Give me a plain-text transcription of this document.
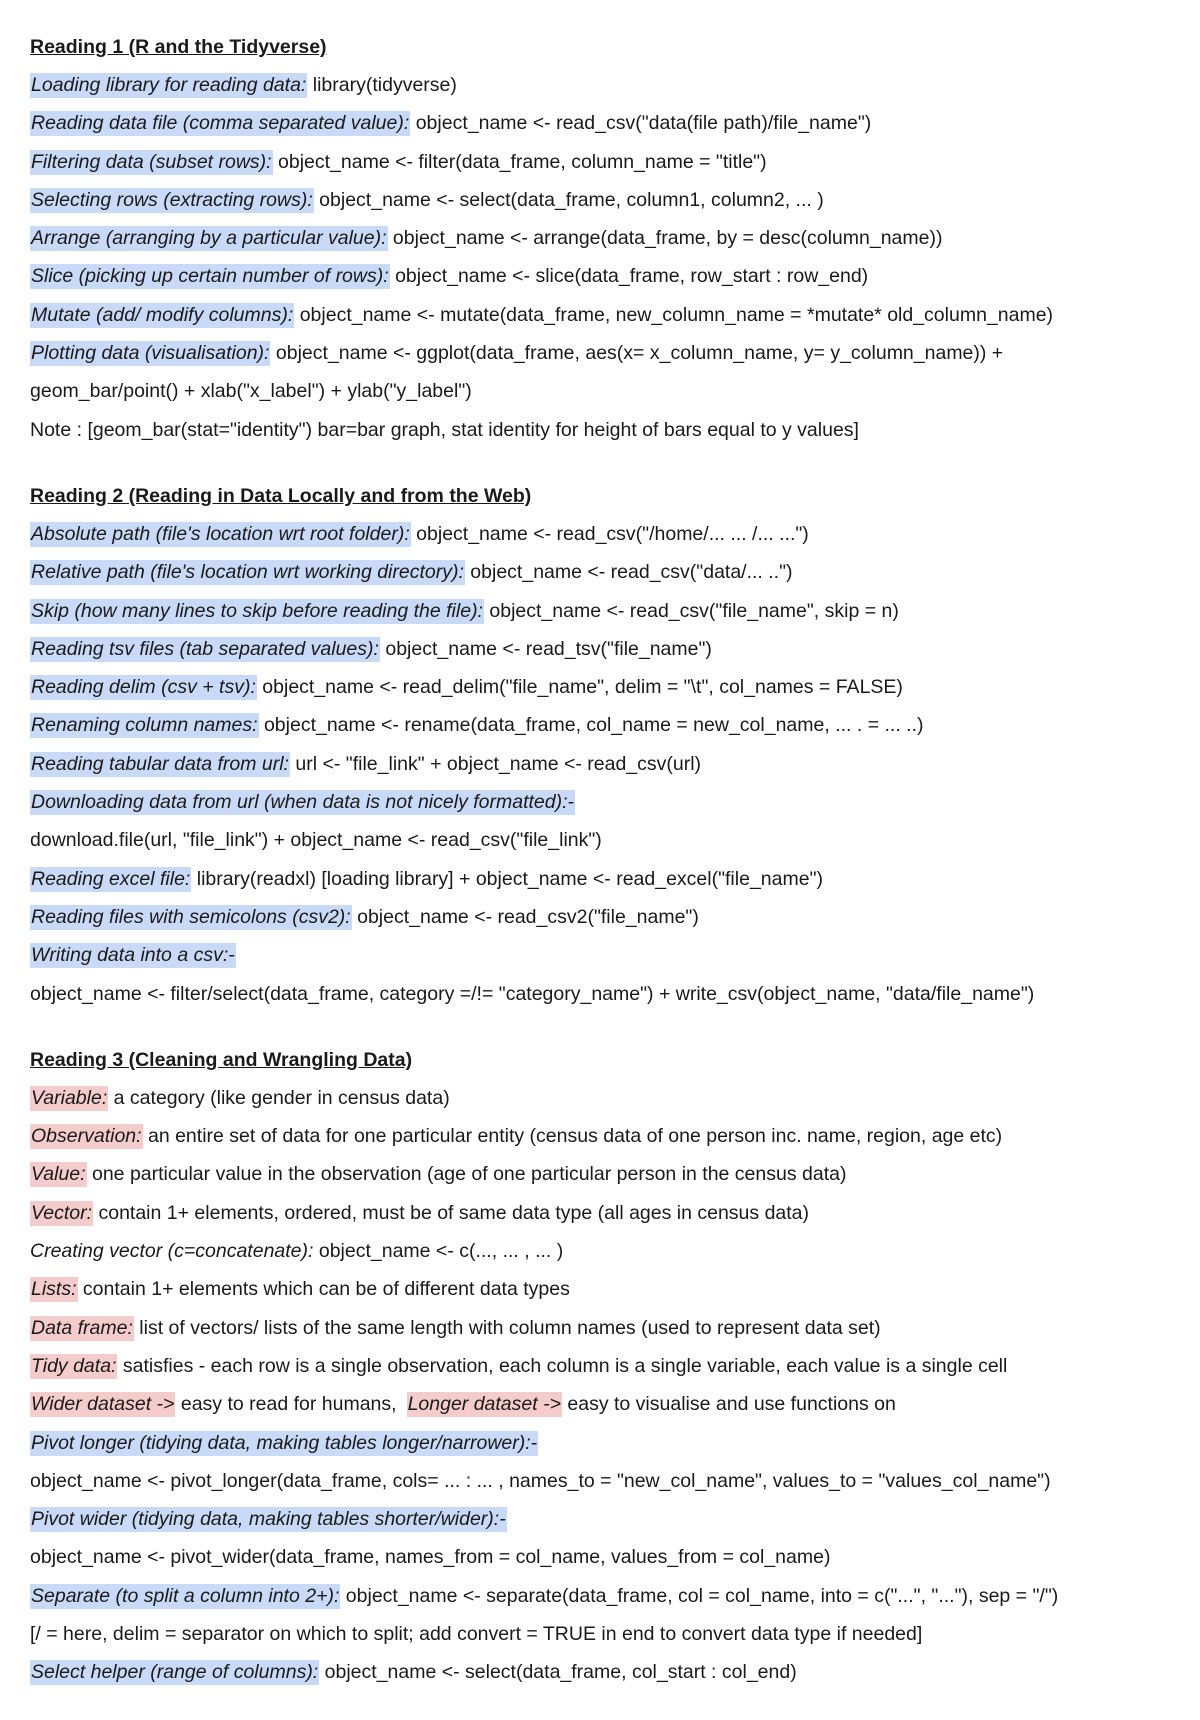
Reading 1 (R and the Tidyverse)
Loading library for reading data: library(tidyverse)
Reading data file (comma separated value): object_name <- read_csv("data(file path)/file_name")
Filtering data (subset rows): object_name <- filter(data_frame, column_name = "title")
Selecting rows (extracting rows): object_name <- select(data_frame, column1, column2, ... )
Arrange (arranging by a particular value): object_name <- arrange(data_frame, by = desc(column_name))
Slice (picking up certain number of rows): object_name <- slice(data_frame, row_start : row_end)
Mutate (add/ modify columns): object_name <- mutate(data_frame, new_column_name = *mutate* old_column_name)
Plotting data (visualisation): object_name <- ggplot(data_frame, aes(x= x_column_name, y= y_column_name)) +
geom_bar/point() + xlab("x_label") + ylab("y_label")
Note : [geom_bar(stat="identity") bar=bar graph, stat identity for height of bars equal to y values]
Reading 2 (Reading in Data Locally and from the Web)
Absolute path (file's location wrt root folder): object_name <- read_csv("/home/... ... /... ...")
Relative path (file's location wrt working directory): object_name <- read_csv("data/... ..")
Skip (how many lines to skip before reading the file): object_name <- read_csv("file_name", skip = n)
Reading tsv files (tab separated values): object_name <- read_tsv("file_name")
Reading delim (csv + tsv): object_name <- read_delim("file_name", delim = "\t", col_names = FALSE)
Renaming column names: object_name <- rename(data_frame, col_name = new_col_name, ... . = ... ..)
Reading tabular data from url: url <- "file_link" + object_name <- read_csv(url)
Downloading data from url (when data is not nicely formatted):-
download.file(url, "file_link") + object_name <- read_csv("file_link")
Reading excel file: library(readxl) [loading library] + object_name <- read_excel("file_name")
Reading files with semicolons (csv2): object_name <- read_csv2("file_name")
Writing data into a csv:-
object_name <- filter/select(data_frame, category =/!= "category_name") + write_csv(object_name, "data/file_name")
Reading 3 (Cleaning and Wrangling Data)
Variable: a category (like gender in census data)
Observation: an entire set of data for one particular entity (census data of one person inc. name, region, age etc)
Value: one particular value in the observation (age of one particular person in the census data)
Vector: contain 1+ elements, ordered, must be of same data type (all ages in census data)
Creating vector (c=concatenate): object_name <- c(..., ... , ... )
Lists: contain 1+ elements which can be of different data types
Data frame: list of vectors/ lists of the same length with column names (used to represent data set)
Tidy data: satisfies - each row is a single observation, each column is a single variable, each value is a single cell
Wider dataset -> easy to read for humans, Longer dataset -> easy to visualise and use functions on
Pivot longer (tidying data, making tables longer/narrower):-
object_name <- pivot_longer(data_frame, cols= ... : ... , names_to = "new_col_name", values_to = "values_col_name")
Pivot wider (tidying data, making tables shorter/wider):-
object_name <- pivot_wider(data_frame, names_from = col_name, values_from = col_name)
Separate (to split a column into 2+): object_name <- separate(data_frame, col = col_name, into = c("...", "..."), sep = "/")
[/ = here, delim = separator on which to split; add convert = TRUE in end to convert data type if needed]
Select helper (range of columns): object_name <- select(data_frame, col_start : col_end)
